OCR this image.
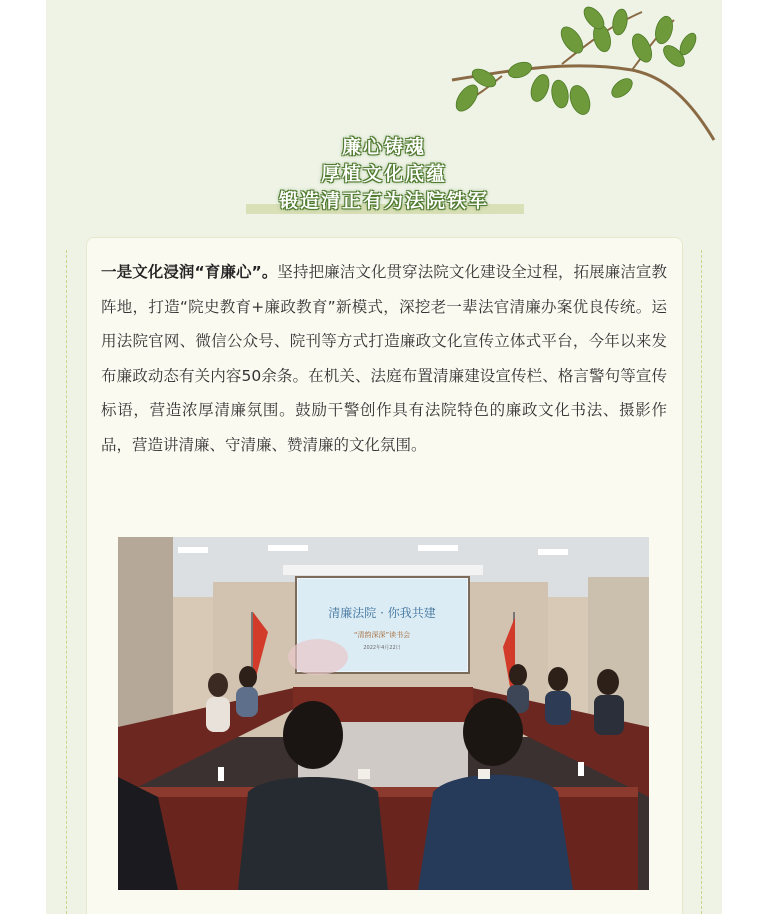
廉心铸魂
厚植文化底蕴
锻造清正有为法院铁军

一是文化浸润“育廉心”。坚持把廉洁文化贯穿法院文化建设全过程，拓展廉洁宣教阵地，打造“院史教育+廉政教育”新模式，深挖老一辈法官清廉办案优良传统。运用法院官网、微信公众号、院刊等方式打造廉政文化宣传立体式平台，今年以来发布廉政动态有关内容50余条。在机关、法庭布置清廉建设宣传栏、格言警句等宣传标语，营造浓厚清廉氛围。鼓励干警创作具有法院特色的廉政文化书法、摄影作品，营造讲清廉、守清廉、赞清廉的文化氛围。

清廉法院 · 你我共建
“清韵深深”读书会
2022年4月22日
